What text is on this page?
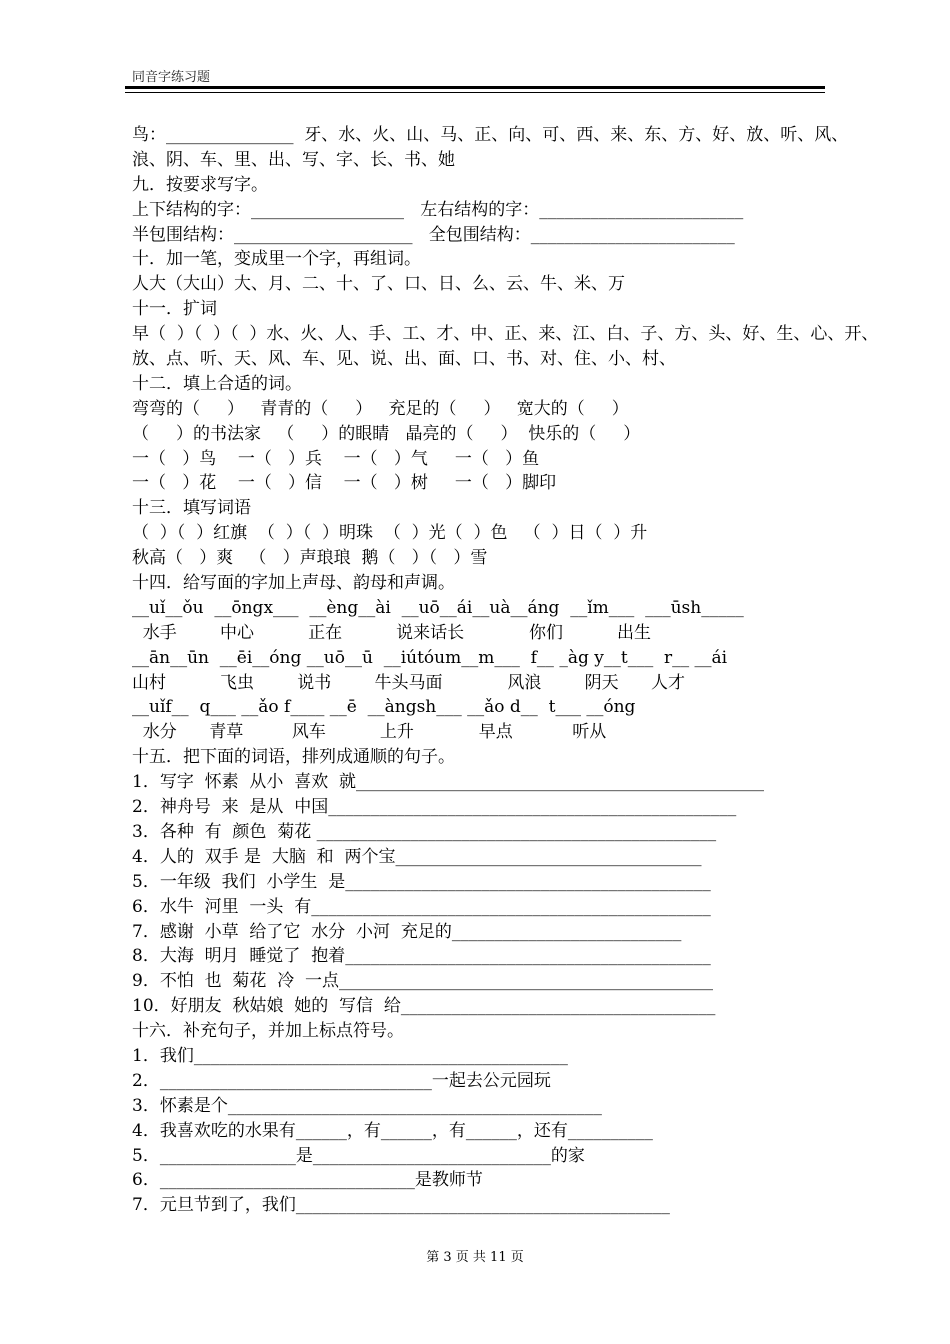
同音字练习题
鸟：_______________  牙、水、火、山、马、正、向、可、西、来、东、方、好、放、听、风、
浪、阴、车、里、出、写、字、长、书、她
九．按要求写字。
上下结构的字：__________________   左右结构的字：________________________
半包围结构：_____________________   全包围结构：________________________
十．加一笔，变成里一个字，再组词。
人大（大山）大、月、二、十、了、口、日、么、云、牛、米、万
十一．扩词
早（  ）（  ）（  ）水、火、人、手、工、才、中、正、来、江、白、子、方、头、好、生、心、开、
放、点、听、天、风、车、见、说、出、面、口、书、对、住、小、村、
十二．填上合适的词。
弯弯的（     ）   青青的（     ）   充足的（     ）   宽大的（     ）
（     ）的书法家   （     ）的眼睛   晶亮的（     ）  快乐的（     ）
一（   ）鸟    一（   ）兵    一（   ）气     一（   ）鱼
一（   ）花    一（   ）信    一（   ）树     一（   ）脚印
十三．填写词语
（  ）（  ）红旗  （  ）（  ）明珠  （  ）光（  ）色   （  ）日（  ）升
秋高（   ）爽   （   ）声琅琅  鹅（   ）（   ）雪
十四．给写面的字加上声母、韵母和声调。
__uǐ__ǒu  __ōngx___  __èng__ài  __uō__ái__uà__áng  __ǐm___  ___ūsh_____
水手        中心          正在          说来话长            你们          出生
__ān__ūn  __ēi__óng __uō__ū  __iútóum__m___  f__ _àg y__t___  r__ __ái
山村          飞虫        说书        牛头马面            风浪        阴天      人才
__uǐf__  q___ __ǎo f____ __ē  __àngsh___ __ǎo d__  t___ __óng
水分      青草         风车          上升            早点           听从
十五．把下面的词语，排列成通顺的句子。
1．写字  怀素  从小  喜欢  就________________________________________________
2．神舟号  来  是从  中国________________________________________________
3．各种  有  颜色  菊花 _______________________________________________
4．人的  双手 是  大脑  和  两个宝____________________________________
5．一年级  我们  小学生  是___________________________________________
6．水牛  河里  一头  有_______________________________________________
7．感谢  小草  给了它  水分  小河  充足的___________________________
8．大海  明月  睡觉了  抱着___________________________________________
9．不怕  也  菊花  冷  一点____________________________________________
10．好朋友  秋姑娘  她的  写信  给_____________________________________
十六．补充句子，并加上标点符号。
1．我们____________________________________________
2．________________________________一起去公元园玩
3．怀素是个____________________________________________
4．我喜欢吃的水果有______，有______，有______，还有__________
5．________________是____________________________的家
6．______________________________是教师节
7．元旦节到了，我们____________________________________________
第 3 页 共 11 页
